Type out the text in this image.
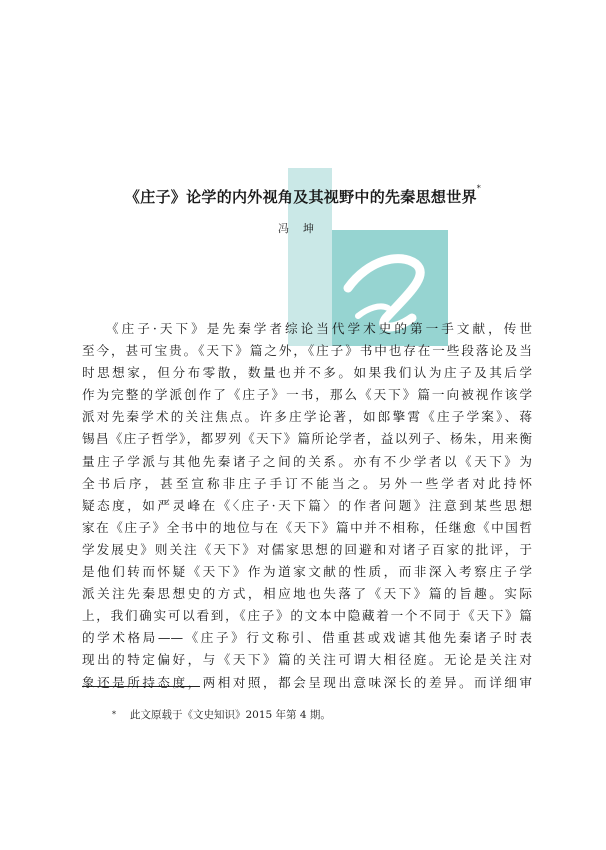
《庄子》论学的内外视角及其视野中的先秦思想世界*
冯坤
《庄子·天下》是先秦学者综论当代学术史的第一手文献，传世
至今，甚可宝贵。《天下》篇之外，《庄子》书中也存在一些段落论及当
时思想家，但分布零散，数量也并不多。如果我们认为庄子及其后学
作为完整的学派创作了《庄子》一书，那么《天下》篇一向被视作该学
派对先秦学术的关注焦点。许多庄学论著，如郎擎霄《庄子学案》、蒋
锡昌《庄子哲学》，都罗列《天下》篇所论学者，益以列子、杨朱，用来衡
量庄子学派与其他先秦诸子之间的关系。亦有不少学者以《天下》为
全书后序，甚至宣称非庄子手订不能当之。另外一些学者对此持怀
疑态度，如严灵峰在《〈庄子·天下篇〉的作者问题》注意到某些思想
家在《庄子》全书中的地位与在《天下》篇中并不相称，任继愈《中国哲
学发展史》则关注《天下》对儒家思想的回避和对诸子百家的批评，于
是他们转而怀疑《天下》作为道家文献的性质，而非深入考察庄子学
派关注先秦思想史的方式，相应地也失落了《天下》篇的旨趣。实际
上，我们确实可以看到，《庄子》的文本中隐藏着一个不同于《天下》篇
的学术格局——《庄子》行文称引、借重甚或戏谑其他先秦诸子时表
现出的特定偏好，与《天下》篇的关注可谓大相径庭。无论是关注对
象还是所持态度，两相对照，都会呈现出意味深长的差异。而详细审
* 此文原载于《文史知识》2015 年第 4 期。
